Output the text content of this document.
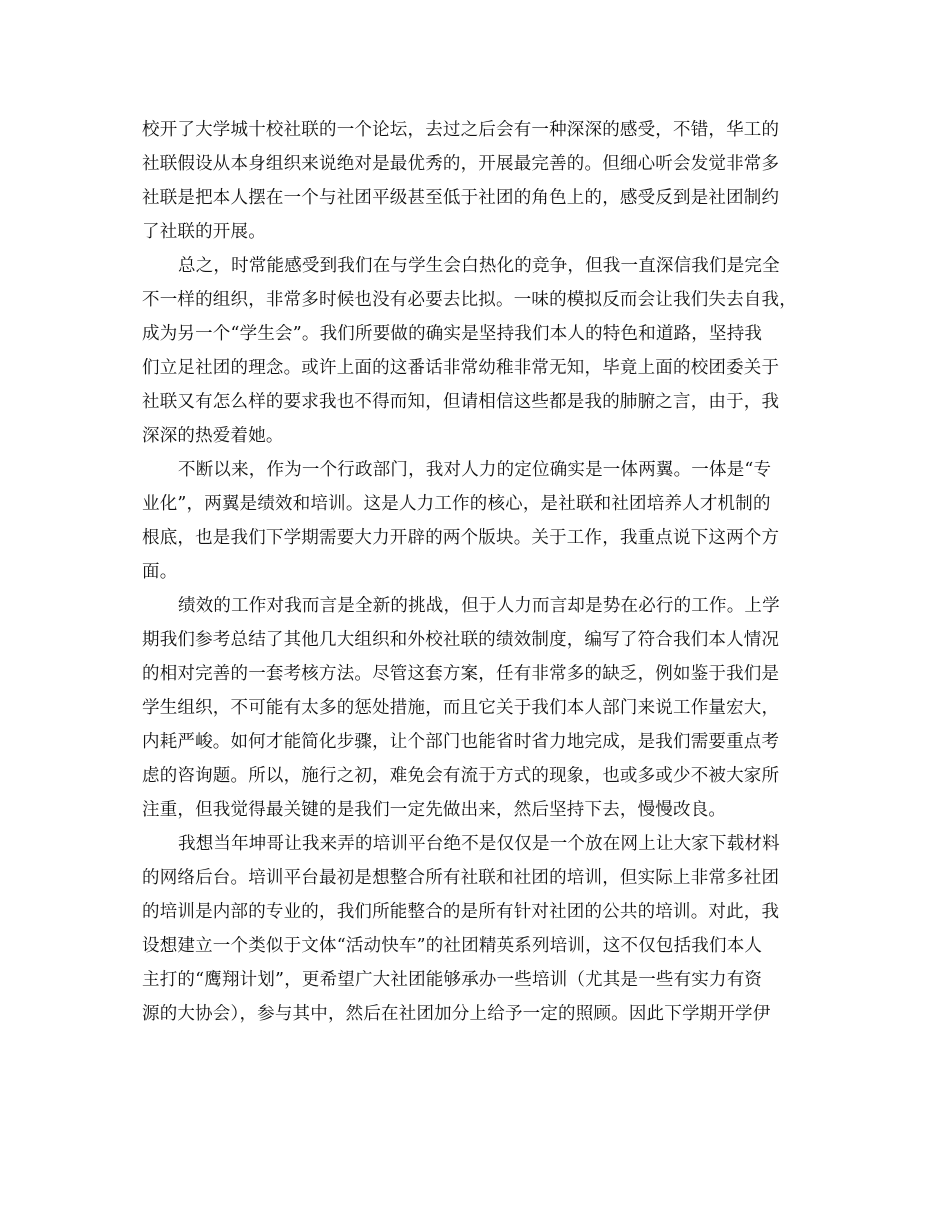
校开了大学城十校社联的一个论坛，去过之后会有一种深深的感受，不错，华工的
社联假设从本身组织来说绝对是最优秀的，开展最完善的。但细心听会发觉非常多
社联是把本人摆在一个与社团平级甚至低于社团的角色上的，感受反到是社团制约
了社联的开展。
总之，时常能感受到我们在与学生会白热化的竞争，但我一直深信我们是完全
不一样的组织，非常多时候也没有必要去比拟。一味的模拟反而会让我们失去自我，
成为另一个“学生会”。我们所要做的确实是坚持我们本人的特色和道路，坚持我
们立足社团的理念。或许上面的这番话非常幼稚非常无知，毕竟上面的校团委关于
社联又有怎么样的要求我也不得而知，但请相信这些都是我的肺腑之言，由于，我
深深的热爱着她。
不断以来，作为一个行政部门，我对人力的定位确实是一体两翼。一体是“专
业化”，两翼是绩效和培训。这是人力工作的核心，是社联和社团培养人才机制的
根底，也是我们下学期需要大力开辟的两个版块。关于工作，我重点说下这两个方
面。
绩效的工作对我而言是全新的挑战，但于人力而言却是势在必行的工作。上学
期我们参考总结了其他几大组织和外校社联的绩效制度，编写了符合我们本人情况
的相对完善的一套考核方法。尽管这套方案，任有非常多的缺乏，例如鉴于我们是
学生组织，不可能有太多的惩处措施，而且它关于我们本人部门来说工作量宏大，
内耗严峻。如何才能简化步骤，让个部门也能省时省力地完成，是我们需要重点考
虑的咨询题。所以，施行之初，难免会有流于方式的现象，也或多或少不被大家所
注重，但我觉得最关键的是我们一定先做出来，然后坚持下去，慢慢改良。
我想当年坤哥让我来弄的培训平台绝不是仅仅是一个放在网上让大家下载材料
的网络后台。培训平台最初是想整合所有社联和社团的培训，但实际上非常多社团
的培训是内部的专业的，我们所能整合的是所有针对社团的公共的培训。对此，我
设想建立一个类似于文体“活动快车”的社团精英系列培训，这不仅包括我们本人
主打的“鹰翔计划”，更希望广大社团能够承办一些培训（尤其是一些有实力有资
源的大协会），参与其中，然后在社团加分上给予一定的照顾。因此下学期开学伊
